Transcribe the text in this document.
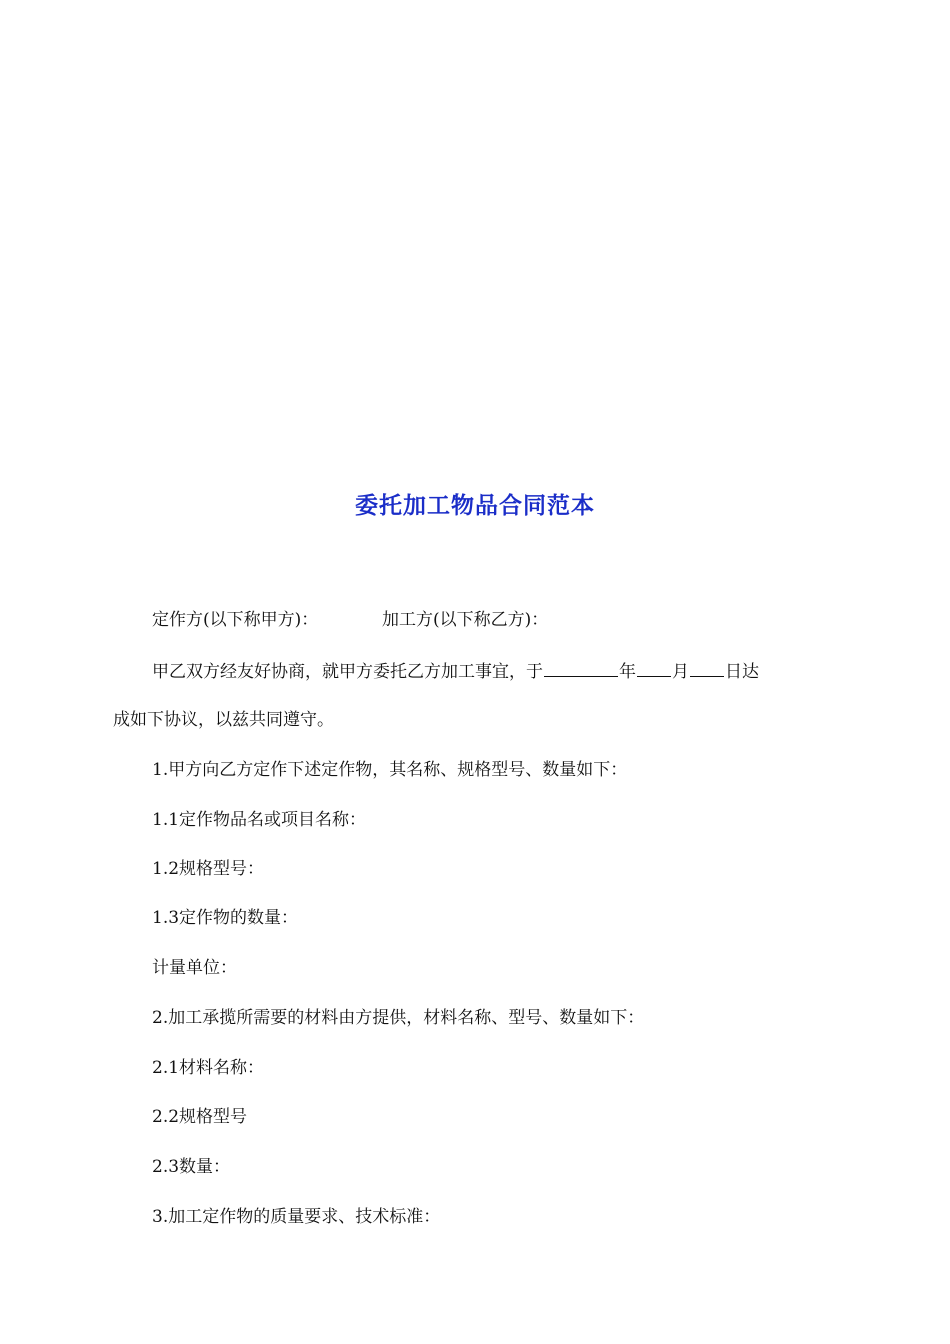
委托加工物品合同范本
定作方(以下称甲方)：	加工方(以下称乙方)：
甲乙双方经友好协商，就甲方委托乙方加工事宜，于	年 月 日达
成如下协议，以兹共同遵守。
1.甲方向乙方定作下述定作物，其名称、规格型号、数量如下：
1.1定作物品名或项目名称：
1.2规格型号：
1.3定作物的数量：
计量单位：
2.加工承揽所需要的材料由方提供，材料名称、型号、数量如下：
2.1材料名称：
2.2规格型号
2.3数量：
3.加工定作物的质量要求、技术标准：
